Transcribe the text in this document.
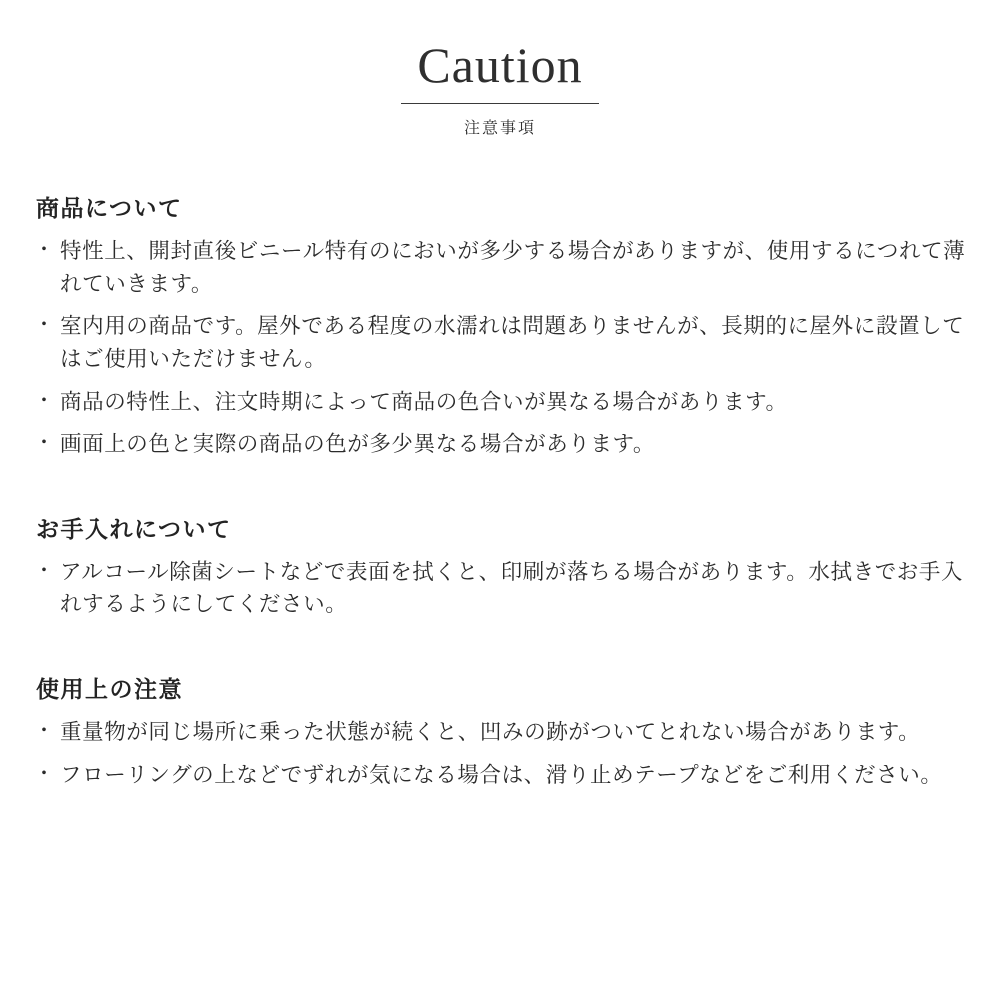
Caution

注意事項

商品について
・ 特性上、開封直後ビニール特有のにおいが多少する場合がありますが、使用するにつれて薄れていきます。
・ 室内用の商品です。屋外である程度の水濡れは問題ありませんが、長期的に屋外に設置してはご使用いただけません。
・ 商品の特性上、注文時期によって商品の色合いが異なる場合があります。
・ 画面上の色と実際の商品の色が多少異なる場合があります。
お手入れについて
・ アルコール除菌シートなどで表面を拭くと、印刷が落ちる場合があります。水拭きでお手入れするようにしてください。
使用上の注意
・ 重量物が同じ場所に乗った状態が続くと、凹みの跡がついてとれない場合があります。
・ フローリングの上などでずれが気になる場合は、滑り止めテープなどをご利用ください。
